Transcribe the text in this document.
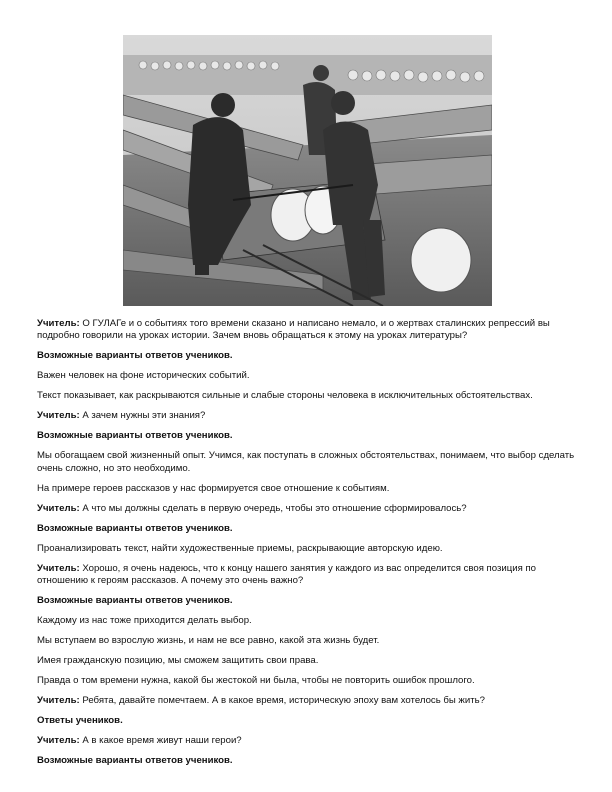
Учитель: О ГУЛАГе и о событиях того времени сказано и написано немало, и о жертвах сталинских репрессий вы подробно говорили на уроках истории. Зачем вновь обращаться к этому на уроках литературы?

Возможные варианты ответов учеников.

Важен человек на фоне исторических событий.

Текст показывает, как раскрываются сильные и слабые стороны человека в исключительных обстоятельствах.

Учитель: А зачем нужны эти знания?

Возможные варианты ответов учеников.

Мы обогащаем свой жизненный опыт. Учимся, как поступать в сложных обстоятельствах, понимаем, что выбор сделать очень сложно, но это необходимо.

На примере героев рассказов у нас формируется свое отношение к событиям.

Учитель: А что мы должны сделать в первую очередь, чтобы это отношение сформировалось?

Возможные варианты ответов учеников.

Проанализировать текст, найти художественные приемы, раскрывающие авторскую идею.

Учитель: Хорошо, я очень надеюсь, что к концу нашего занятия у каждого из вас определится своя позиция по отношению к героям рассказов. А почему это очень важно?

Возможные варианты ответов учеников.

Каждому из нас тоже приходится делать выбор.

Мы вступаем во взрослую жизнь, и нам не все равно, какой эта жизнь будет.

Имея гражданскую позицию, мы сможем защитить свои права.

Правда о том времени нужна, какой бы жестокой ни была, чтобы не повторить ошибок прошлого.

Учитель: Ребята, давайте помечтаем. А в какое время, историческую эпоху вам хотелось бы жить?

Ответы учеников.

Учитель: А в какое время живут наши герои?

Возможные варианты ответов учеников.
